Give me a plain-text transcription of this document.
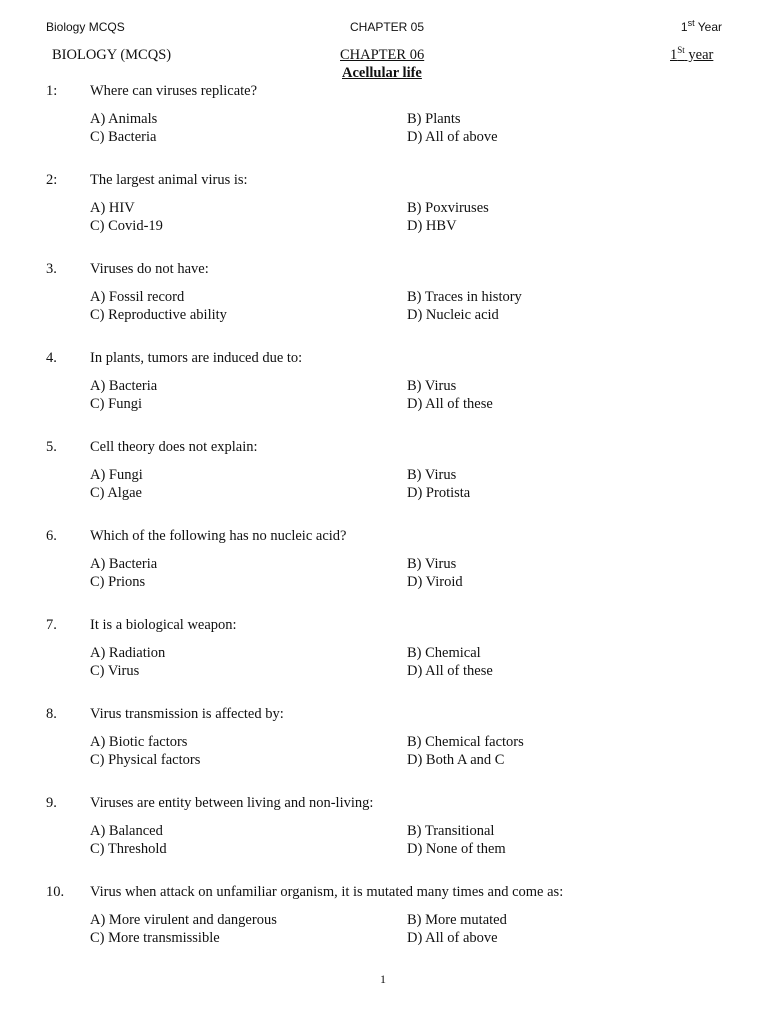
Biology MCQS	CHAPTER 05	1st Year
BIOLOGY (MCQS)	CHAPTER 06
Acellular life
1St year
1: Where can viruses replicate?
A) Animals	B) Plants
C) Bacteria	D) All of above
2: The largest animal virus is:
A) HIV	B) Poxviruses
C) Covid-19	D) HBV
3. Viruses do not have:
A) Fossil record	B) Traces in history
C) Reproductive ability	D) Nucleic acid
4. In plants, tumors are induced due to:
A) Bacteria	B) Virus
C) Fungi	D) All of these
5. Cell theory does not explain:
A) Fungi	B) Virus
C) Algae	D) Protista
6. Which of the following has no nucleic acid?
A) Bacteria	B) Virus
C) Prions	D) Viroid
7. It is a biological weapon:
A) Radiation	B) Chemical
C) Virus	D) All of these
8. Virus transmission is affected by:
A) Biotic factors	B) Chemical factors
C) Physical factors	D) Both A and C
9. Viruses are entity between living and non-living:
A) Balanced	B) Transitional
C) Threshold	D) None of them
10. Virus when attack on unfamiliar organism, it is mutated many times and come as:
A) More virulent and dangerous	B) More mutated
C) More transmissible	D) All of above
1
